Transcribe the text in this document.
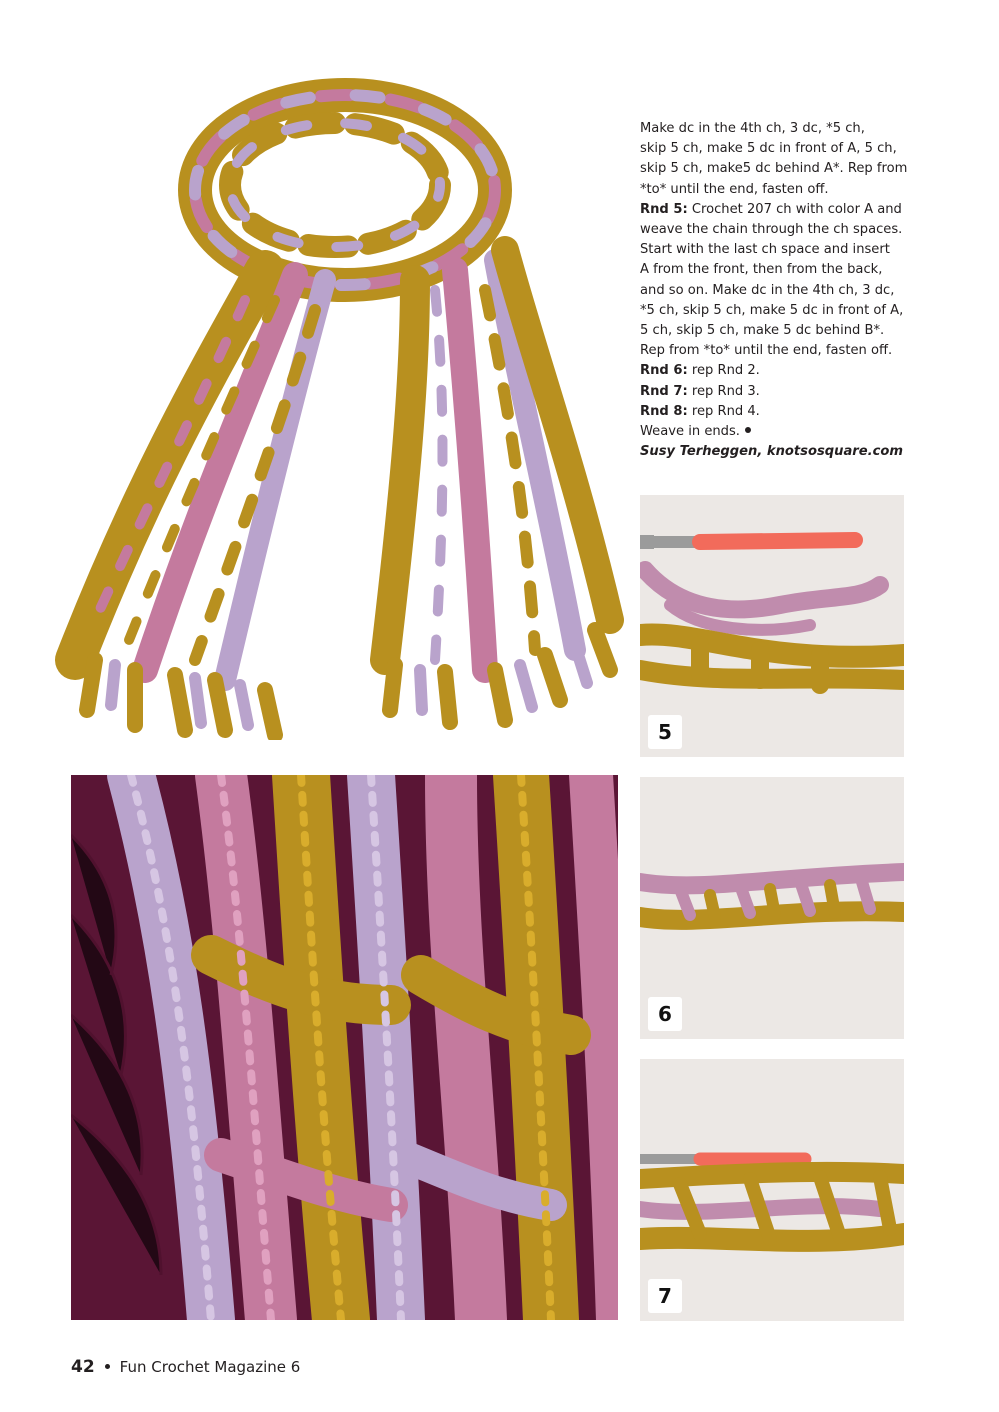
Make dc in the 4th ch, 3 dc, *5 ch,

skip 5 ch, make 5 dc in front of A, 5 ch,

skip 5 ch, make5 dc behind A*. Rep from

*to* until the end, fasten off.

Rnd 5: Crochet 207 ch with color A and

weave the chain through the ch spaces.

Start with the last ch space and insert

A from the front, then from the back,

and so on. Make dc in the 4th ch, 3 dc,

*5 ch, skip 5 ch, make 5 dc in front of A,

5 ch, skip 5 ch, make 5 dc behind B*.

Rep from *to* until the end, fasten off.

Rnd 6: rep Rnd 2.

Rnd 7: rep Rnd 3.

Rnd 8: rep Rnd 4.

Weave in ends.

Susy Terheggen, knotsosquare.com

5
6
7
42 Fun Crochet Magazine 6
